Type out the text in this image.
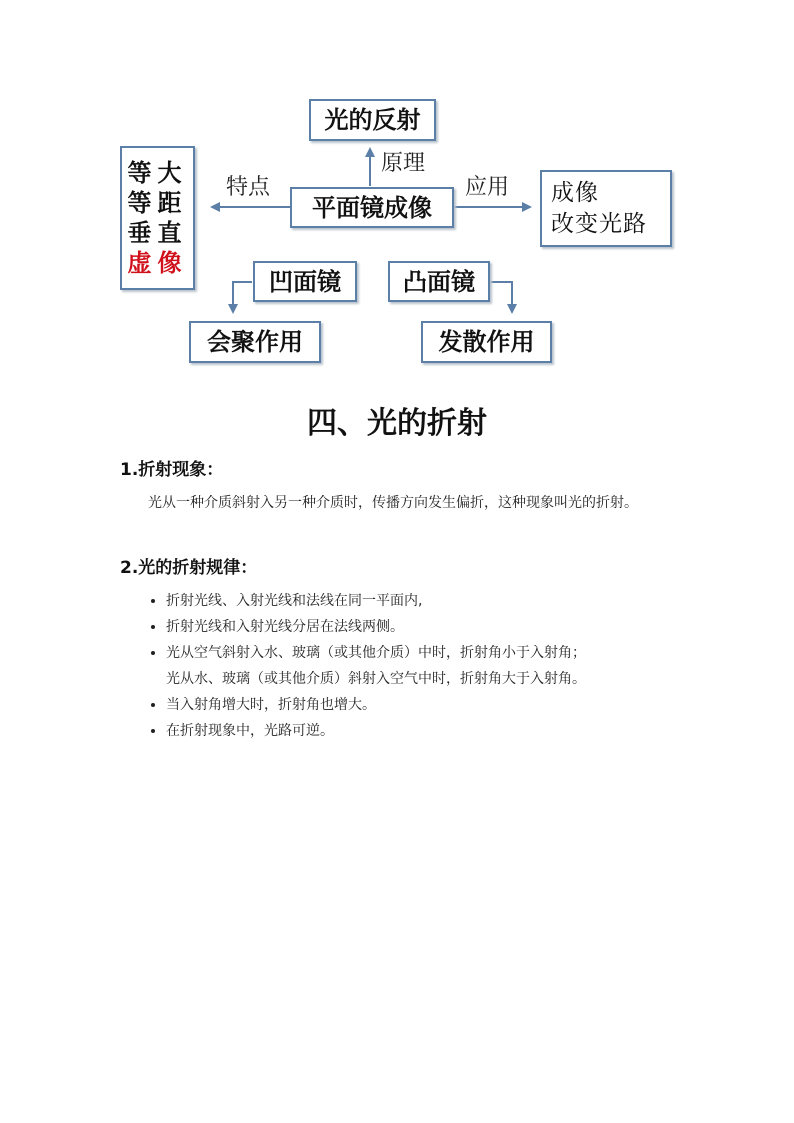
光的反射
平面镜成像
原理
特点	应用
等大
等距
垂直
虚像
成像
改变光路
凹面镜	凸面镜
会聚作用	发散作用
四、光的折射
1.折射现象：
光从一种介质斜射入另一种介质时，传播方向发生偏折，这种现象叫光的折射。
2.光的折射规律：
• 折射光线、入射光线和法线在同一平面内,
• 折射光线和入射光线分居在法线两侧。
• 光从空气斜射入水、玻璃（或其他介质）中时，折射角小于入射角；
光从水、玻璃（或其他介质）斜射入空气中时，折射角大于入射角。
• 当入射角增大时，折射角也增大。
• 在折射现象中，光路可逆。
